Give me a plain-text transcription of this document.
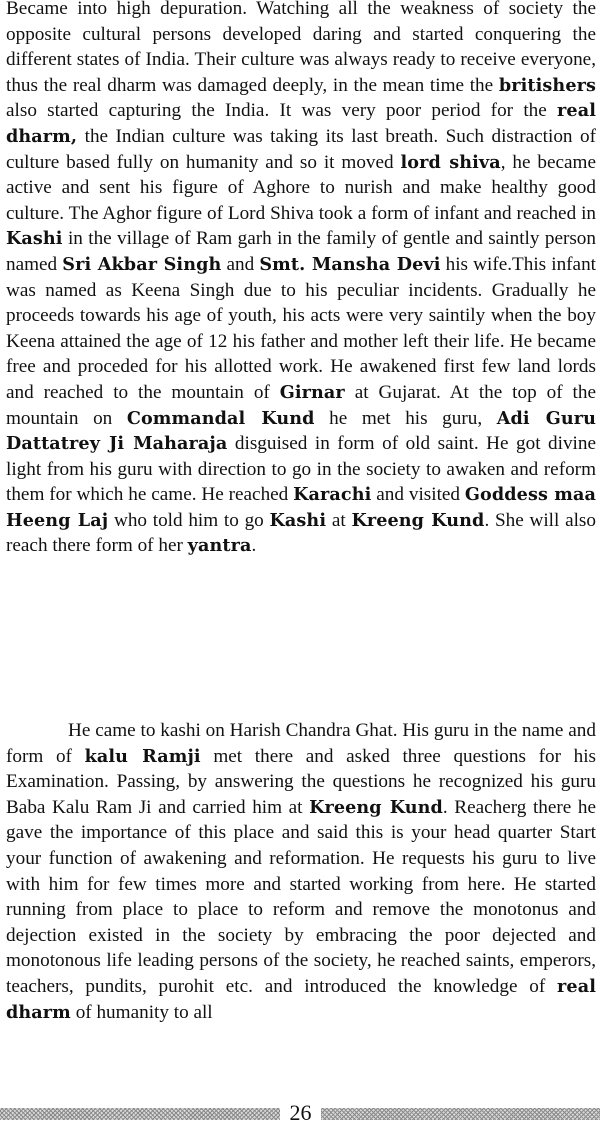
Became into high depuration. Watching all the weakness of society the opposite cultural persons developed daring and started conquering the different states of India. Their culture was always ready to receive everyone, thus the real dharm was damaged deeply, in the mean time the britishers also started capturing the India. It was very poor period for the real dharm, the Indian culture was taking its last breath. Such distraction of culture based fully on humanity and so it moved lord shiva, he became active and sent his figure of Aghore to nurish and make healthy good culture. The Aghor figure of Lord Shiva took a form of infant and reached in Kashi in the village of Ram garh in the family of gentle and saintly person named Sri Akbar Singh and Smt. Mansha Devi his wife.This infant was named as Keena Singh due to his peculiar incidents. Gradually he proceeds towards his age of youth, his acts were very saintily when the boy Keena attained the age of 12 his father and mother left their life. He became free and proceded for his allotted work. He awakened first few land lords and reached to the mountain of Girnar at Gujarat. At the top of the mountain on Commandal Kund he met his guru, Adi Guru Dattatrey Ji Maharaja disguised in form of old saint. He got divine light from his guru with direction to go in the society to awaken and reform them for which he came. He reached Karachi and visited Goddess maa Heeng Laj who told him to go Kashi at Kreeng Kund. She will also reach there form of her yantra.

He came to kashi on Harish Chandra Ghat. His guru in the name and form of kalu Ramji met there and asked three questions for his Examination. Passing, by answering the questions he recognized his guru Baba Kalu Ram Ji and carried him at Kreeng Kund. Reacherg there he gave the importance of this place and said this is your head quarter Start your function of awakening and reformation. He requests his guru to live with him for few times more and started working from here. He started running from place to place to reform and remove the monotonus and dejection existed in the society by embracing the poor dejected and monotonous life leading persons of the society, he reached saints, emperors, teachers, pundits, purohit etc. and introduced the knowledge of real dharm of humanity to all

26
